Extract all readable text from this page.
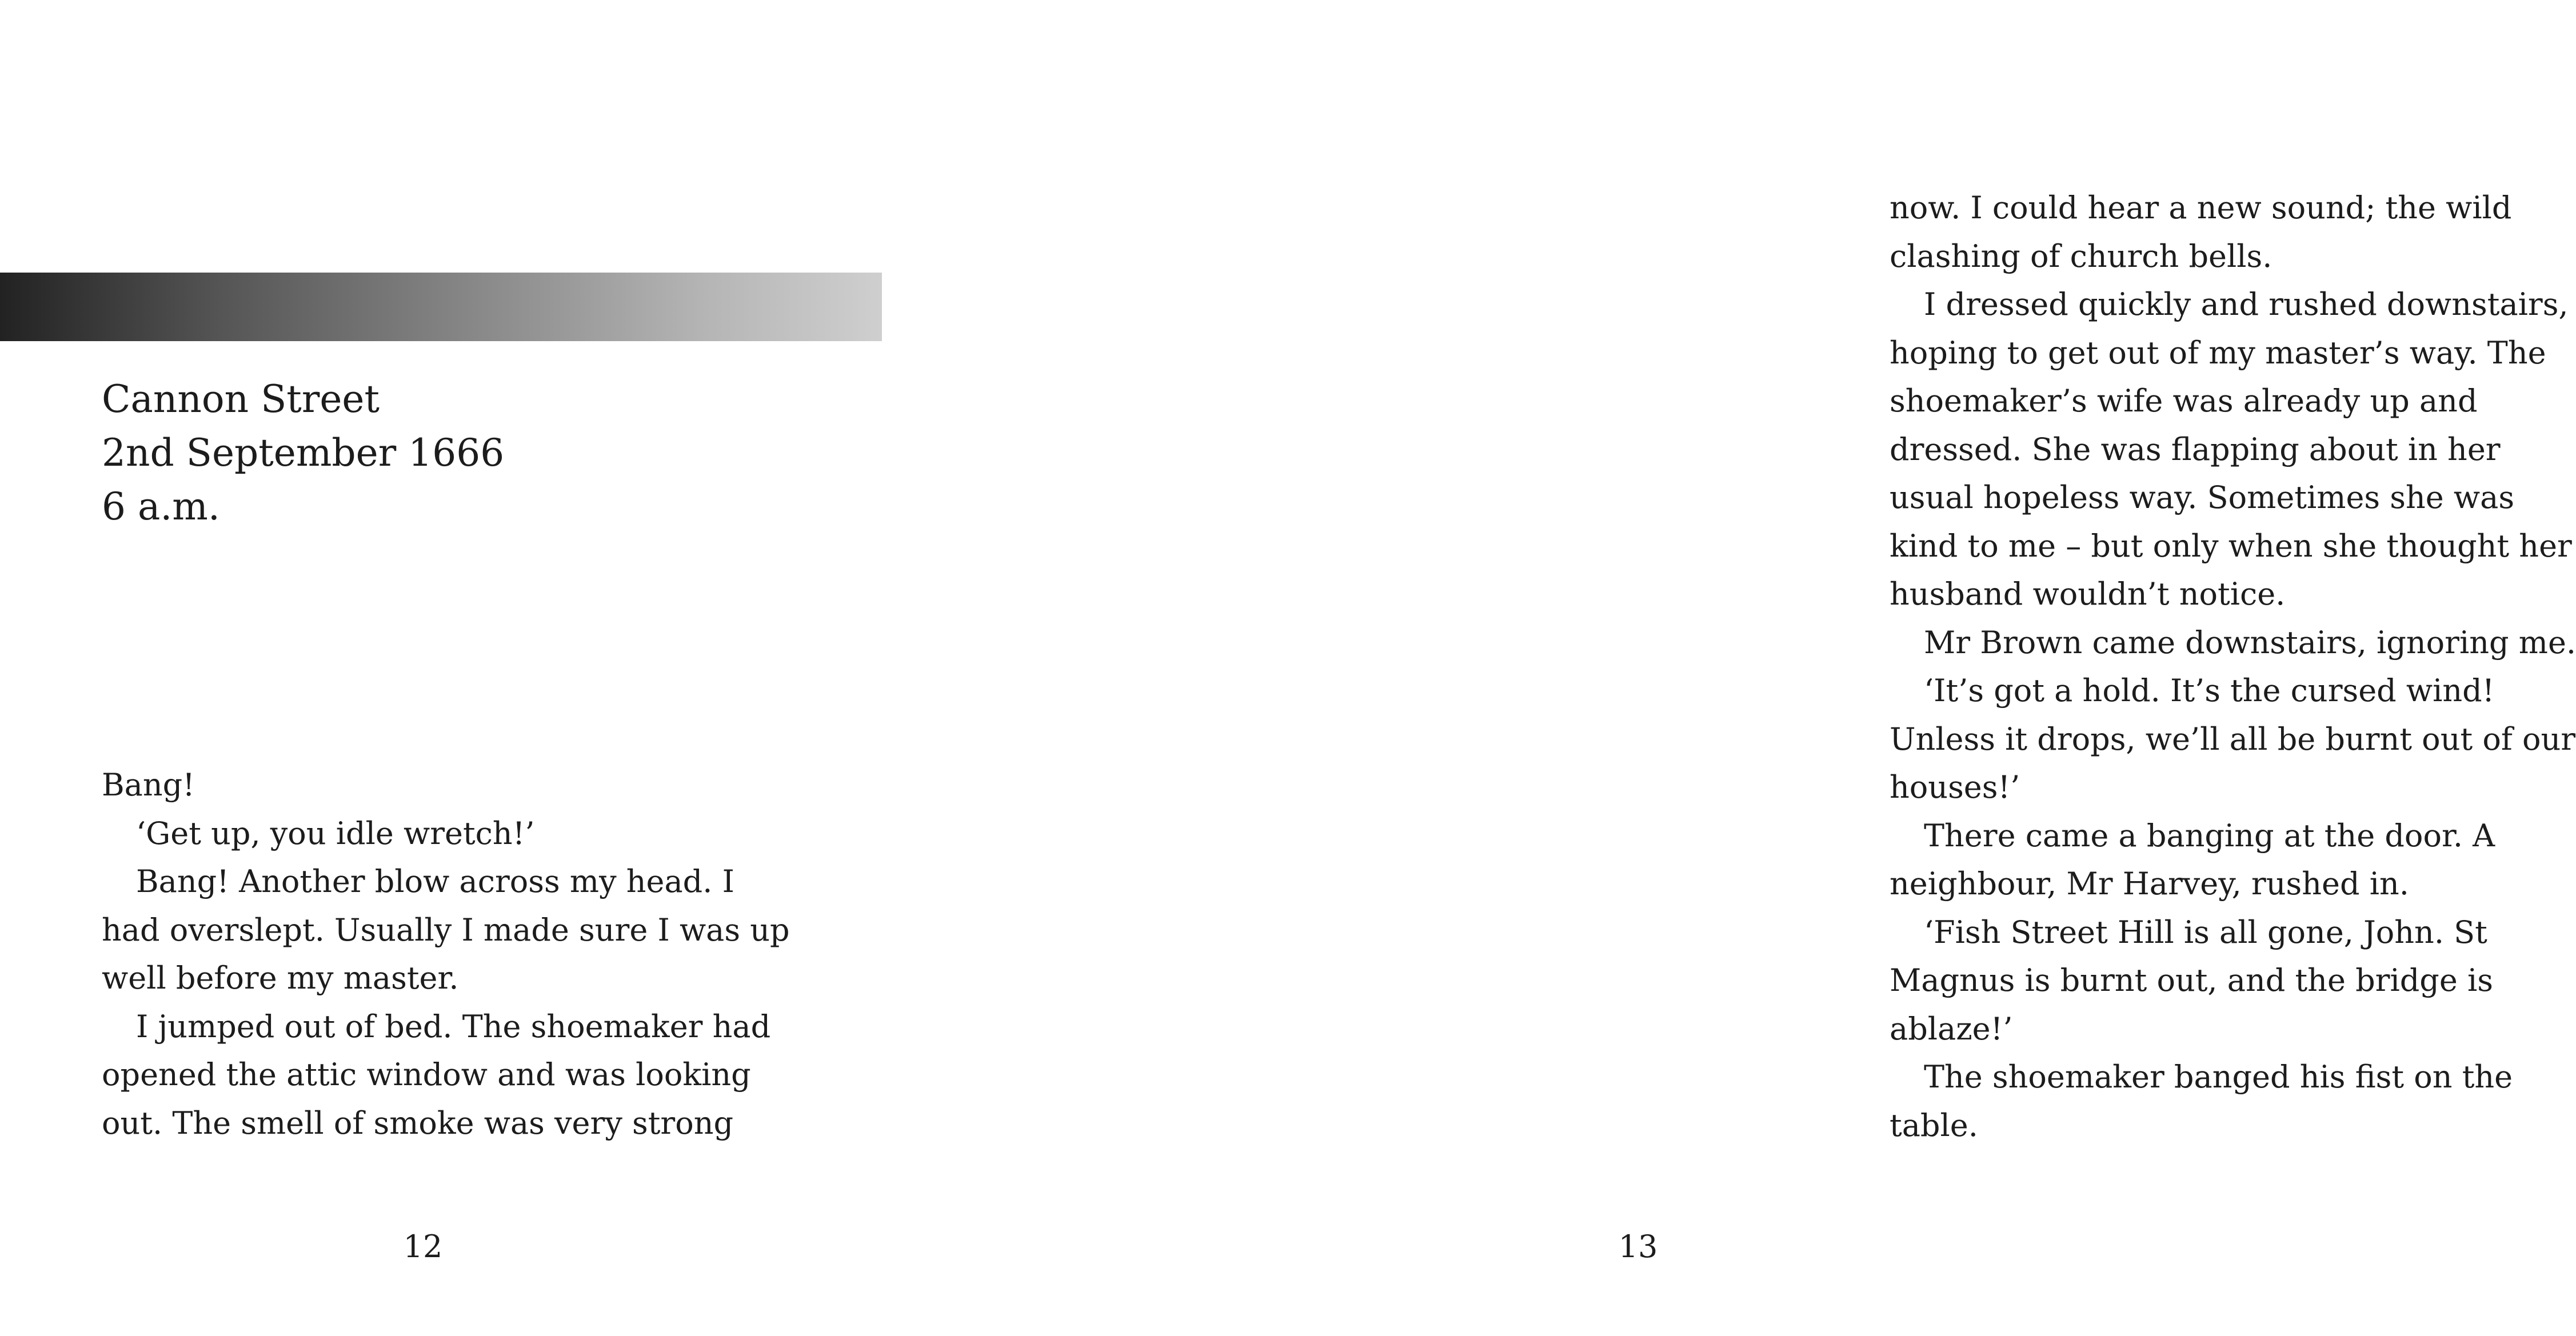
Cannon Street
2nd September 1666
6 a.m.

Bang!

‘Get up, you idle wretch!’

Bang! Another blow across my head. I

had overslept. Usually I made sure I was up

well before my master.

I jumped out of bed. The shoemaker had

opened the attic window and was looking

out. The smell of smoke was very strong

12

now. I could hear a new sound; the wild

clashing of church bells.

I dressed quickly and rushed downstairs,

hoping to get out of my master’s way. The

shoemaker’s wife was already up and

dressed. She was flapping about in her

usual hopeless way. Sometimes she was

kind to me – but only when she thought her

husband wouldn’t notice.

Mr Brown came downstairs, ignoring me.

‘It’s got a hold. It’s the cursed wind!

Unless it drops, we’ll all be burnt out of our

houses!’

There came a banging at the door. A

neighbour, Mr Harvey, rushed in.

‘Fish Street Hill is all gone, John. St

Magnus is burnt out, and the bridge is

ablaze!’

The shoemaker banged his fist on the

table.

13
